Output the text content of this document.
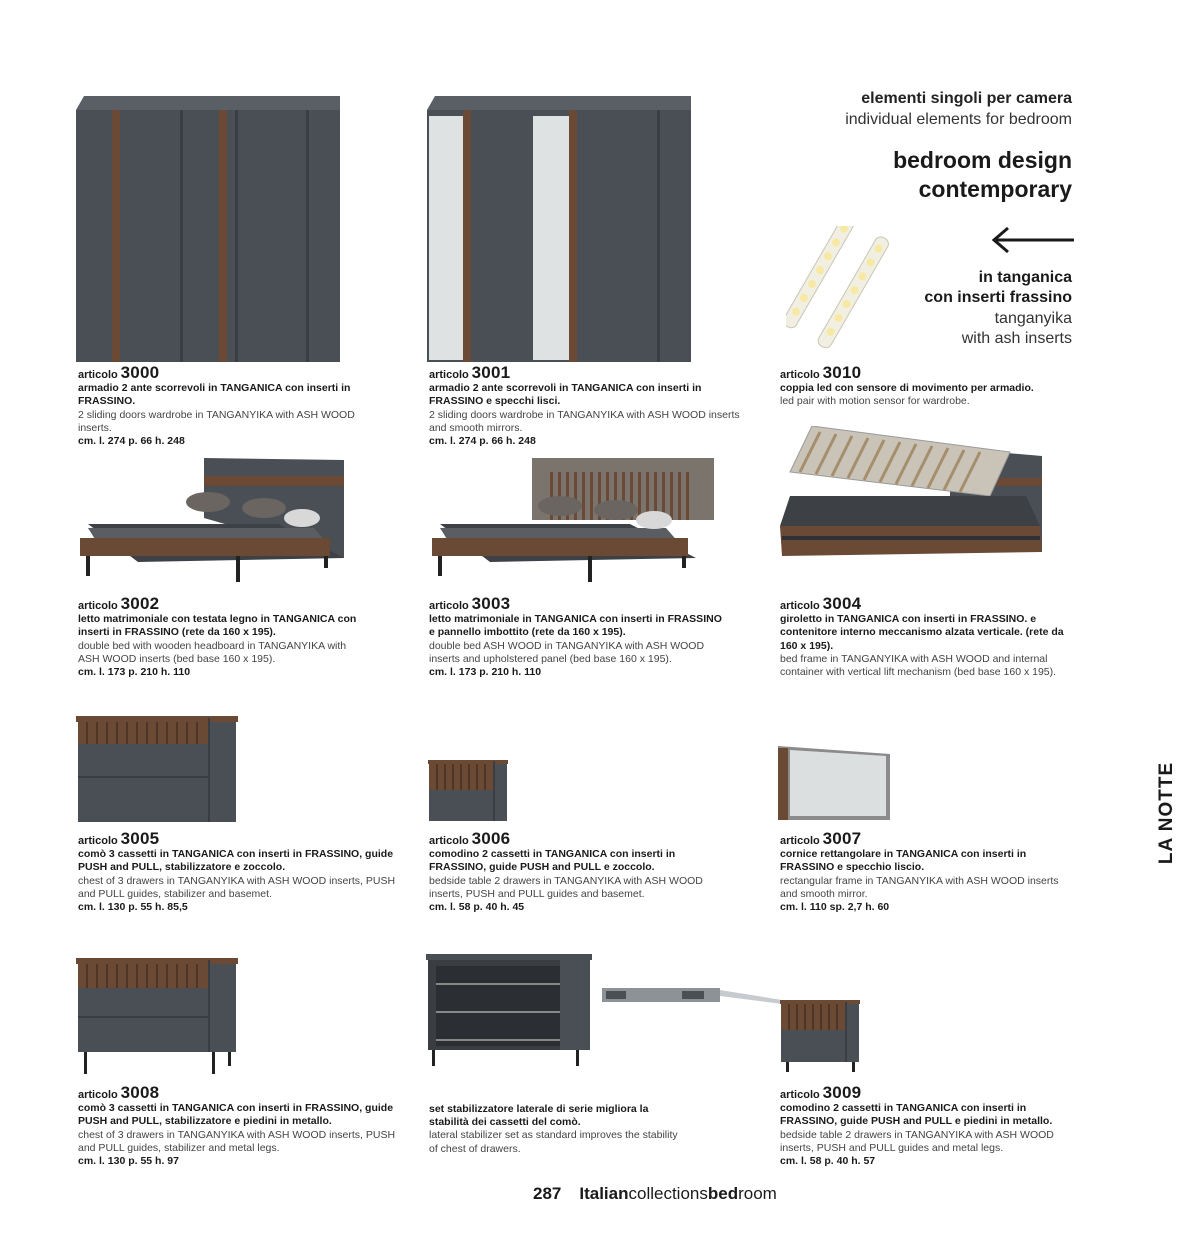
elementi singoli per camera
individual elements for bedroom
bedroom design
contemporary
in tanganica
con inserti frassino
tanganyika
with ash inserts
articolo 3000
armadio 2 ante scorrevoli in TANGANICA con inserti in FRASSINO.
2 sliding doors wardrobe in TANGANYIKA with ASH WOOD inserts.
cm. l. 274 p. 66 h. 248
articolo 3001
armadio 2 ante scorrevoli in TANGANICA con inserti in FRASSINO e specchi lisci.
2 sliding doors wardrobe in TANGANYIKA with ASH WOOD inserts and smooth mirrors.
cm. l. 274 p. 66 h. 248
articolo 3010
coppia led con sensore di movimento per armadio.
led pair with motion sensor for wardrobe.
articolo 3002
letto matrimoniale con testata legno in TANGANICA con inserti in FRASSINO (rete da 160 x 195).
double bed with wooden headboard in TANGANYIKA with ASH WOOD inserts (bed base 160 x 195).
cm. l. 173 p. 210 h. 110
articolo 3003
letto matrimoniale in TANGANICA con inserti in FRASSINO e pannello imbottito (rete da 160 x 195).
double bed ASH WOOD in TANGANYIKA with ASH WOOD inserts and upholstered panel (bed base 160 x 195).
cm. l. 173 p. 210 h. 110
articolo 3004
giroletto in TANGANICA con inserti in FRASSINO. e contenitore interno meccanismo alzata verticale. (rete da 160 x 195).
bed frame in TANGANYIKA with ASH WOOD and internal container with vertical lift mechanism (bed base 160 x 195).
articolo 3005
comò 3 cassetti in TANGANICA con inserti in FRASSINO, guide PUSH and PULL, stabilizzatore e zoccolo.
chest of 3 drawers in TANGANYIKA with ASH WOOD inserts, PUSH and PULL guides, stabilizer and basemet.
cm. l. 130 p. 55 h. 85,5
articolo 3006
comodino 2 cassetti in TANGANICA con inserti in FRASSINO, guide PUSH and PULL e zoccolo.
bedside table 2 drawers in TANGANYIKA with ASH WOOD inserts, PUSH and PULL guides and basemet.
cm. l. 58 p. 40 h. 45
articolo 3007
cornice rettangolare in TANGANICA con inserti in FRASSINO e specchio liscio.
rectangular frame in TANGANYIKA with ASH WOOD inserts and smooth mirror.
cm. l. 110 sp. 2,7 h. 60
articolo 3008
comò 3 cassetti in TANGANICA con inserti in FRASSINO, guide PUSH and PULL, stabilizzatore e piedini in metallo.
chest of 3 drawers in TANGANYIKA with ASH WOOD inserts, PUSH and PULL guides, stabilizer and metal legs.
cm. l. 130 p. 55 h. 97
set stabilizzatore laterale di serie migliora la stabilità dei cassetti del comò.
lateral stabilizer set as standard improves the stability of chest of drawers.
articolo 3009
comodino 2 cassetti in TANGANICA con inserti in FRASSINO, guide PUSH and PULL e piedini in metallo.
bedside table 2 drawers in TANGANYIKA with ASH WOOD inserts, PUSH and PULL guides and metal legs.
cm. l. 58 p. 40 h. 57
LA NOTTE
287 Italiancollectionsbedroom
